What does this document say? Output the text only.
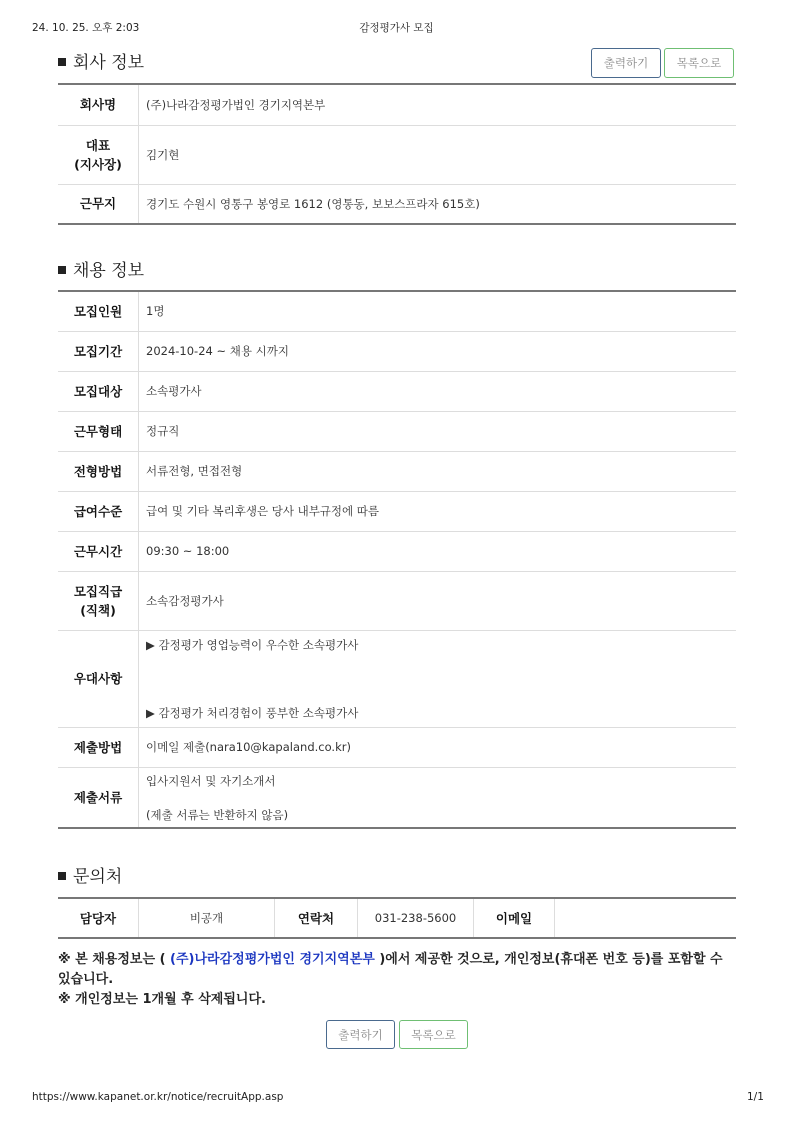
24. 10. 25. 오후 2:03	감정평가사 모집
회사 정보	출력하기	목록으로
회사명	(주)나라감정평가법인 경기지역본부

대표
(지사장)	김기현
근무지	경기도 수원시 영통구 봉영로 1612 (영통동, 보보스프라자 615호)
채용 정보
모집인원	1명
모집기간	2024-10-24 ~ 채용 시까지
모집대상	소속평가사
근무형태	정규직
전형방법	서류전형, 면접전형
급여수준	급여 및 기타 복리후생은 당사 내부규정에 따름
근무시간	09:30 ~ 18:00

모집직급
(직책)	소속감정평가사
우대사항	▶ 감정평가 영업능력이 우수한 소속평가사
▶ 감정평가 처리경험이 풍부한 소속평가사

제출방법	이메일 제출(nara10@kapaland.co.kr)
제출서류	입사지원서 및 자기소개서
(제출 서류는 반환하지 않음)
문의처
담당자	비공개	연락처	031-238-5600	이메일	
※ 본 채용정보는 ( (주)나라감정평가법인 경기지역본부 )에서 제공한 것으로, 개인정보(휴대폰 번호 등)를 포함할 수 있습니다.
※ 개인정보는 1개월 후 삭제됩니다.
출력하기	목록으로
https://www.kapanet.or.kr/notice/recruitApp.asp	1/1
